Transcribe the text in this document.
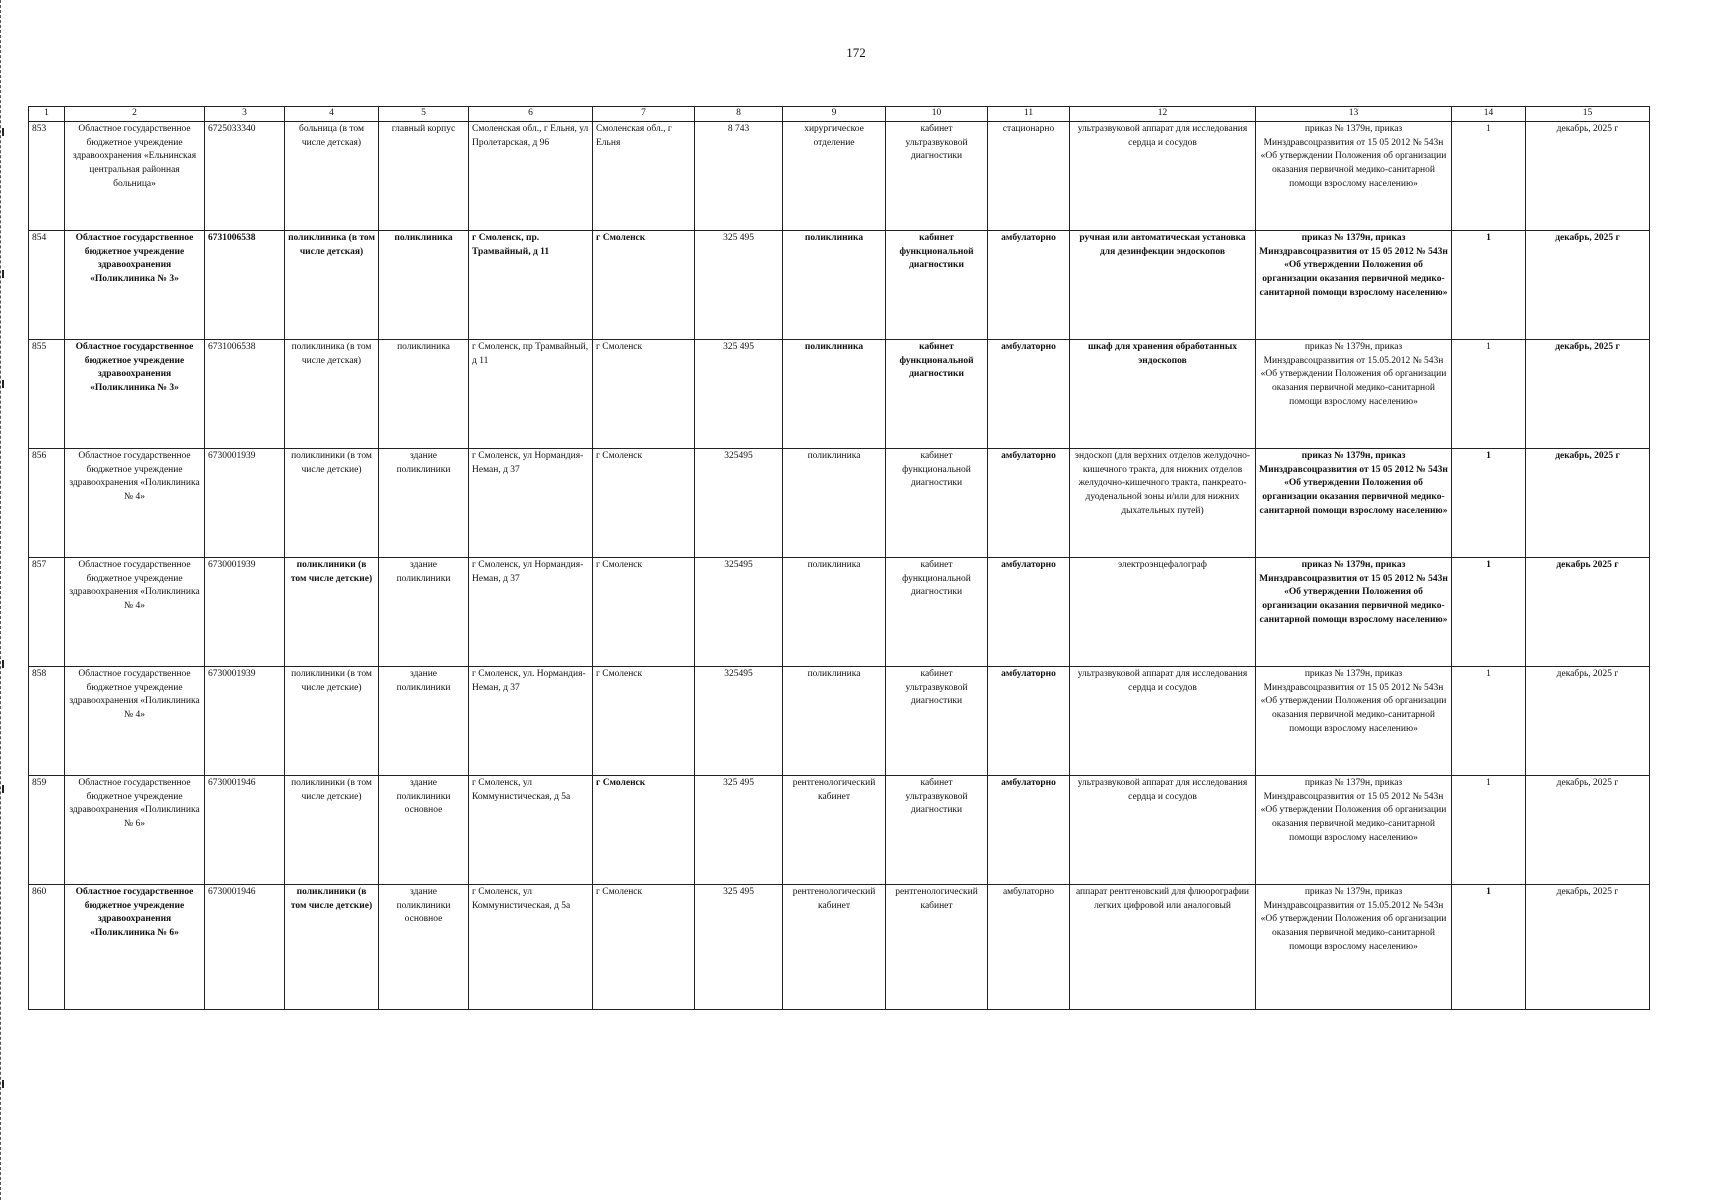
172
1	2	3	4	5	6	7	8	9	10	11	12	13	14	15
853	Областное государственное бюджетное учреждение здравоохранения «Ельнинская центральная районная больница»	6725033340	больница (в том числе детская)	главный корпус	Смоленская обл., г Ельня, ул Пролетарская, д 96	Смоленская обл., г Ельня	8 743	хирургическое отделение	кабинет ультразвуковой диагностики	стационарно	ультразвуковой аппарат для исследования сердца и сосудов	приказ № 1379н, приказ Минздравсоцразвития от 15 05 2012 № 543н «Об утверждении Положения об организации оказания первичной медико-санитарной помощи взрослому населению»	1	декабрь, 2025 г
854	Областное государственное бюджетное учреждение здравоохранения «Поликлиника № 3»	6731006538	поликлиника (в том числе детская)	поликлиника	г Смоленск, пр. Трамвайный, д 11	г Смоленск	325 495	поликлиника	кабинет функциональной диагностики	амбулаторно	ручная или автоматическая установка для дезинфекции эндоскопов	приказ № 1379н, приказ Минздравсоцразвития от 15 05 2012 № 543н «Об утверждении Положения об организации оказания первичной медико-санитарной помощи взрослому населению»	1	декабрь, 2025 г
855	Областное государственное бюджетное учреждение здравоохранения «Поликлиника № 3»	6731006538	поликлиника (в том числе детская)	поликлиника	г Смоленск, пр Трамвайный, д 11	г Смоленск	325 495	поликлиника	кабинет функциональной диагностики	амбулаторно	шкаф для хранения обработанных эндоскопов	приказ № 1379н, приказ Минздравсоцразвития от 15.05.2012 № 543н «Об утверждении Положения об организации оказания первичной медико-санитарной помощи взрослому населению»	1	декабрь, 2025 г
856	Областное государственное бюджетное учреждение здравоохранения «Поликлиника № 4»	6730001939	поликлиники (в том числе детские)	здание поликлиники	г Смоленск, ул Нормандия-Неман, д 37	г Смоленск	325495	поликлиника	кабинет функциональной диагностики	амбулаторно	эндоскоп (для верхних отделов желудочно-кишечного тракта, для нижних отделов желудочно-кишечного тракта, панкреато-дуоденальной зоны и/или для нижних дыхательных путей)	приказ № 1379н, приказ Минздравсоцразвития от 15 05 2012 № 543н «Об утверждении Положения об организации оказания первичной медико-санитарной помощи взрослому населению»	1	декабрь, 2025 г
857	Областное государственное бюджетное учреждение здравоохранения «Поликлиника № 4»	6730001939	поликлиники (в том числе детские)	здание поликлиники	г Смоленск, ул Нормандия-Неман, д 37	г Смоленск	325495	поликлиника	кабинет функциональной диагностики	амбулаторно	электроэнцефалограф	приказ № 1379н, приказ Минздравсоцразвития от 15 05 2012 № 543н «Об утверждении Положения об организации оказания первичной медико-санитарной помощи взрослому населению»	1	декабрь 2025 г
858	Областное государственное бюджетное учреждение здравоохранения «Поликлиника № 4»	6730001939	поликлиники (в том числе детские)	здание поликлиники	г Смоленск, ул. Нормандия-Неман, д 37	г Смоленск	325495	поликлиника	кабинет ультразвуковой диагностики	амбулаторно	ультразвуковой аппарат для исследования сердца и сосудов	приказ № 1379н, приказ Минздравсоцразвития от 15 05 2012 № 543н «Об утверждении Положения об организации оказания первичной медико-санитарной помощи взрослому населению»	1	декабрь, 2025 г
859	Областное государственное бюджетное учреждение здравоохранения «Поликлиника № 6»	6730001946	поликлиники (в том числе детские)	здание поликлиники основное	г Смоленск, ул Коммунистическая, д 5а	г Смоленск	325 495	рентгенологический кабинет	кабинет ультразвуковой диагностики	амбулаторно	ультразвуковой аппарат для исследования сердца и сосудов	приказ № 1379н, приказ Минздравсоцразвития от 15 05 2012 № 543н «Об утверждении Положения об организации оказания первичной медико-санитарной помощи взрослому населению»	1	декабрь, 2025 г
860	Областное государственное бюджетное учреждение здравоохранения «Поликлиника № 6»	6730001946	поликлиники (в том числе детские)	здание поликлиники основное	г Смоленск, ул Коммунистическая, д 5а	г Смоленск	325 495	рентгенологический кабинет	рентгенологический кабинет	амбулаторно	аппарат рентгеновский для флюорографии легких цифровой или аналоговый	приказ № 1379н, приказ Минздравсоцразвития от 15.05.2012 № 543н «Об утверждении Положения об организации оказания первичной медико-санитарной помощи взрослому населению»	1	декабрь, 2025 г
